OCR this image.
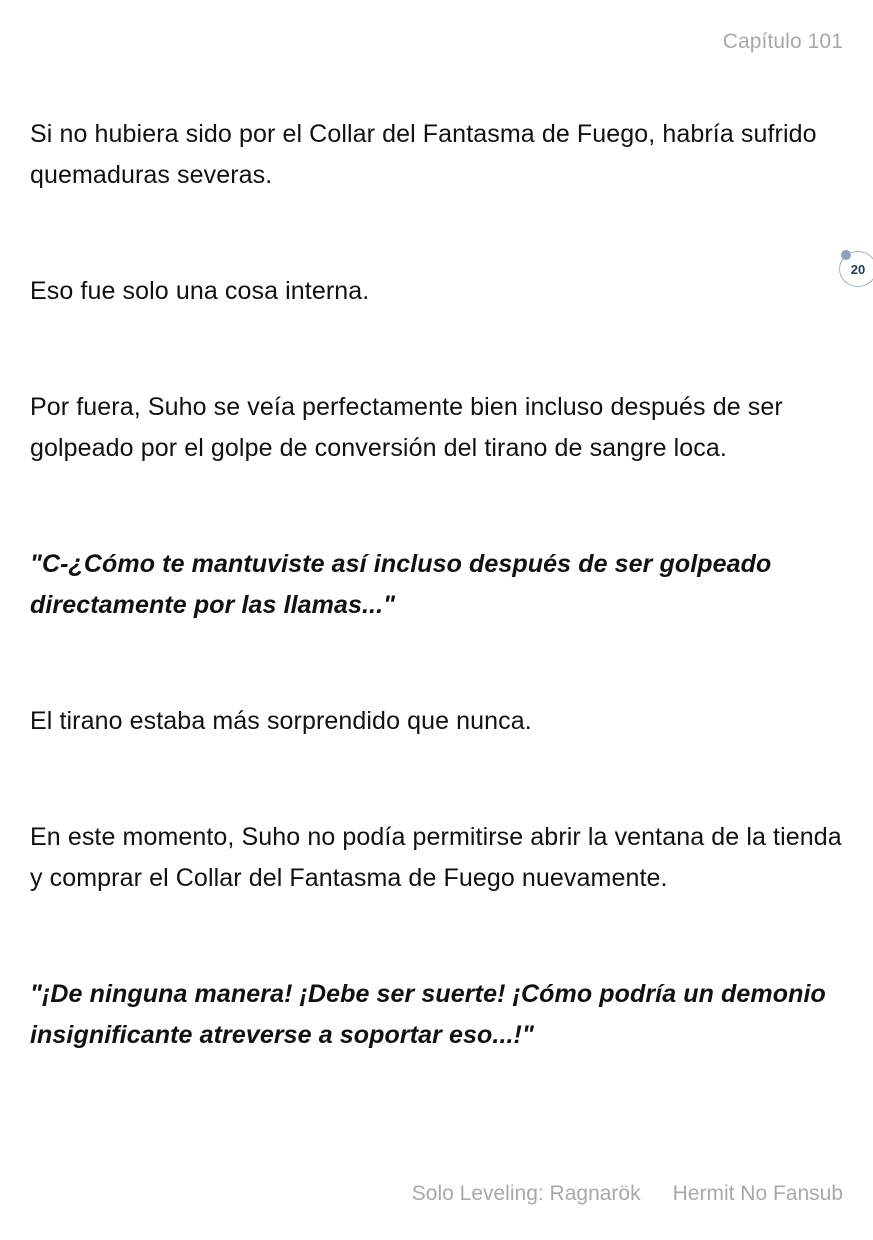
Capítulo 101
20

Si no hubiera sido por el Collar del Fantasma de Fuego, habría sufrido quemaduras severas.

Eso fue solo una cosa interna.

Por fuera, Suho se veía perfectamente bien incluso después de ser golpeado por el golpe de conversión del tirano de sangre loca.

"C-¿Cómo te mantuviste así incluso después de ser golpeado directamente por las llamas..."

El tirano estaba más sorprendido que nunca.

En este momento, Suho no podía permitirse abrir la ventana de la tienda y comprar el Collar del Fantasma de Fuego nuevamente.

"¡De ninguna manera! ¡Debe ser suerte! ¡Cómo podría un demonio insignificante atreverse a soportar eso...!"

Solo Leveling: Ragnarök Hermit No Fansub
